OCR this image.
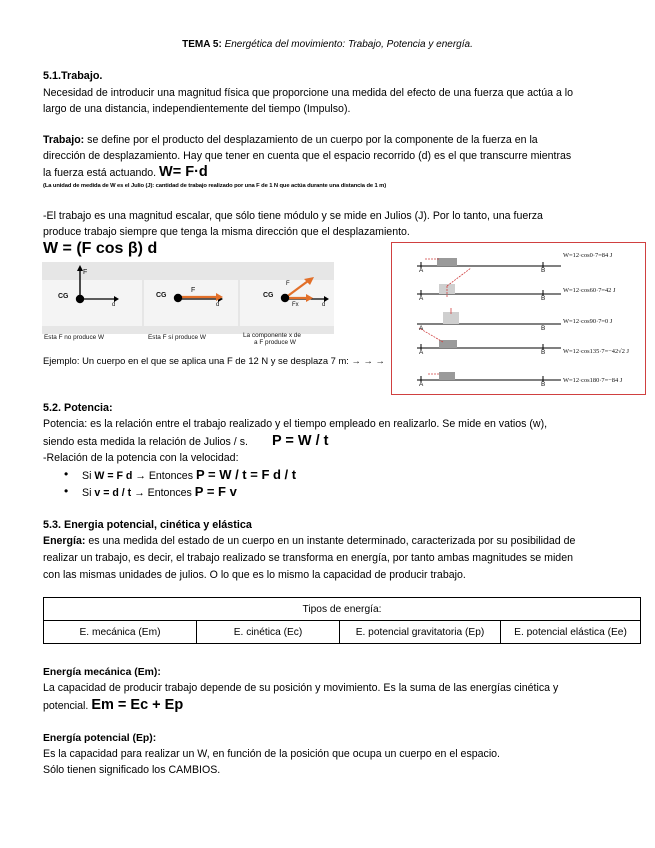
TEMA 5: Energética del movimiento: Trabajo, Potencia y energía.
5.1.Trabajo.

Necesidad de introducir una magnitud física que proporcione una medida del efecto de una fuerza que actúa a lo

largo de una distancia, independientemente del tiempo (Impulso).

Trabajo: se define por el producto del desplazamiento de un cuerpo por la componente de la fuerza en la

dirección de desplazamiento. Hay que tener en cuenta que el espacio recorrido (d) es el que transcurre mientras

la fuerza está actuando. W= F·d

(La unidad de medida de W es el Julio (J): cantidad de trabajo realizado por una F de 1 N que actúa durante una distancia de 1 m)

-El trabajo es una magnitud escalar, que sólo tiene módulo y se mide en Julios (J). Por lo tanto, una fuerza

produce trabajo siempre que tenga la misma dirección que el desplazamiento.

W = (F cos β) d
CG
F
d
Esta F no produce W
CG
F
d
Esta F sí produce W
CG
F
Fx	d
La componente x de
a F produce W
Ejemplo: Un cuerpo en el que se aplica una F de 12 N y se desplaza 7 m: → → →
A	B
W=12·cos0·7=84 J
A	B
W=12·cos60·7=42 J
A	B
W=12·cos90·7=0 J
A	B	W=12·cos135·7=−42√2 J
A	B
W=12·cos180·7=−84 J
5.2. Potencia:

Potencia: es la relación entre el trabajo realizado y el tiempo empleado en realizarlo. Se mide en vatios (w),

siendo esta medida la relación de Julios / s. P = W / t

-Relación de la potencia con la velocidad:

• Si W = F d → Entonces P = W / t = F d / t
• Si v = d / t → Entonces P = F v
5.3. Energia potencial, cinética y elástica

Energía: es una medida del estado de un cuerpo en un instante determinado, caracterizada por su posibilidad de

realizar un trabajo, es decir, el trabajo realizado se transforma en energía, por tanto ambas magnitudes se miden

con las mismas unidades de julios. O lo que es lo mismo la capacidad de producir trabajo.

Tipos de energía:
E. mecánica (Em)	E. cinética (Ec)	E. potencial gravitatoria (Ep)	E. potencial elástica (Ee)
Energía mecánica (Em):

La capacidad de producir trabajo depende de su posición y movimiento. Es la suma de las energías cinética y

potencial. Em = Ec + Ep

Energía potencial (Ep):

Es la capacidad para realizar un W, en función de la posición que ocupa un cuerpo en el espacio.

Sólo tienen significado los CAMBIOS.
